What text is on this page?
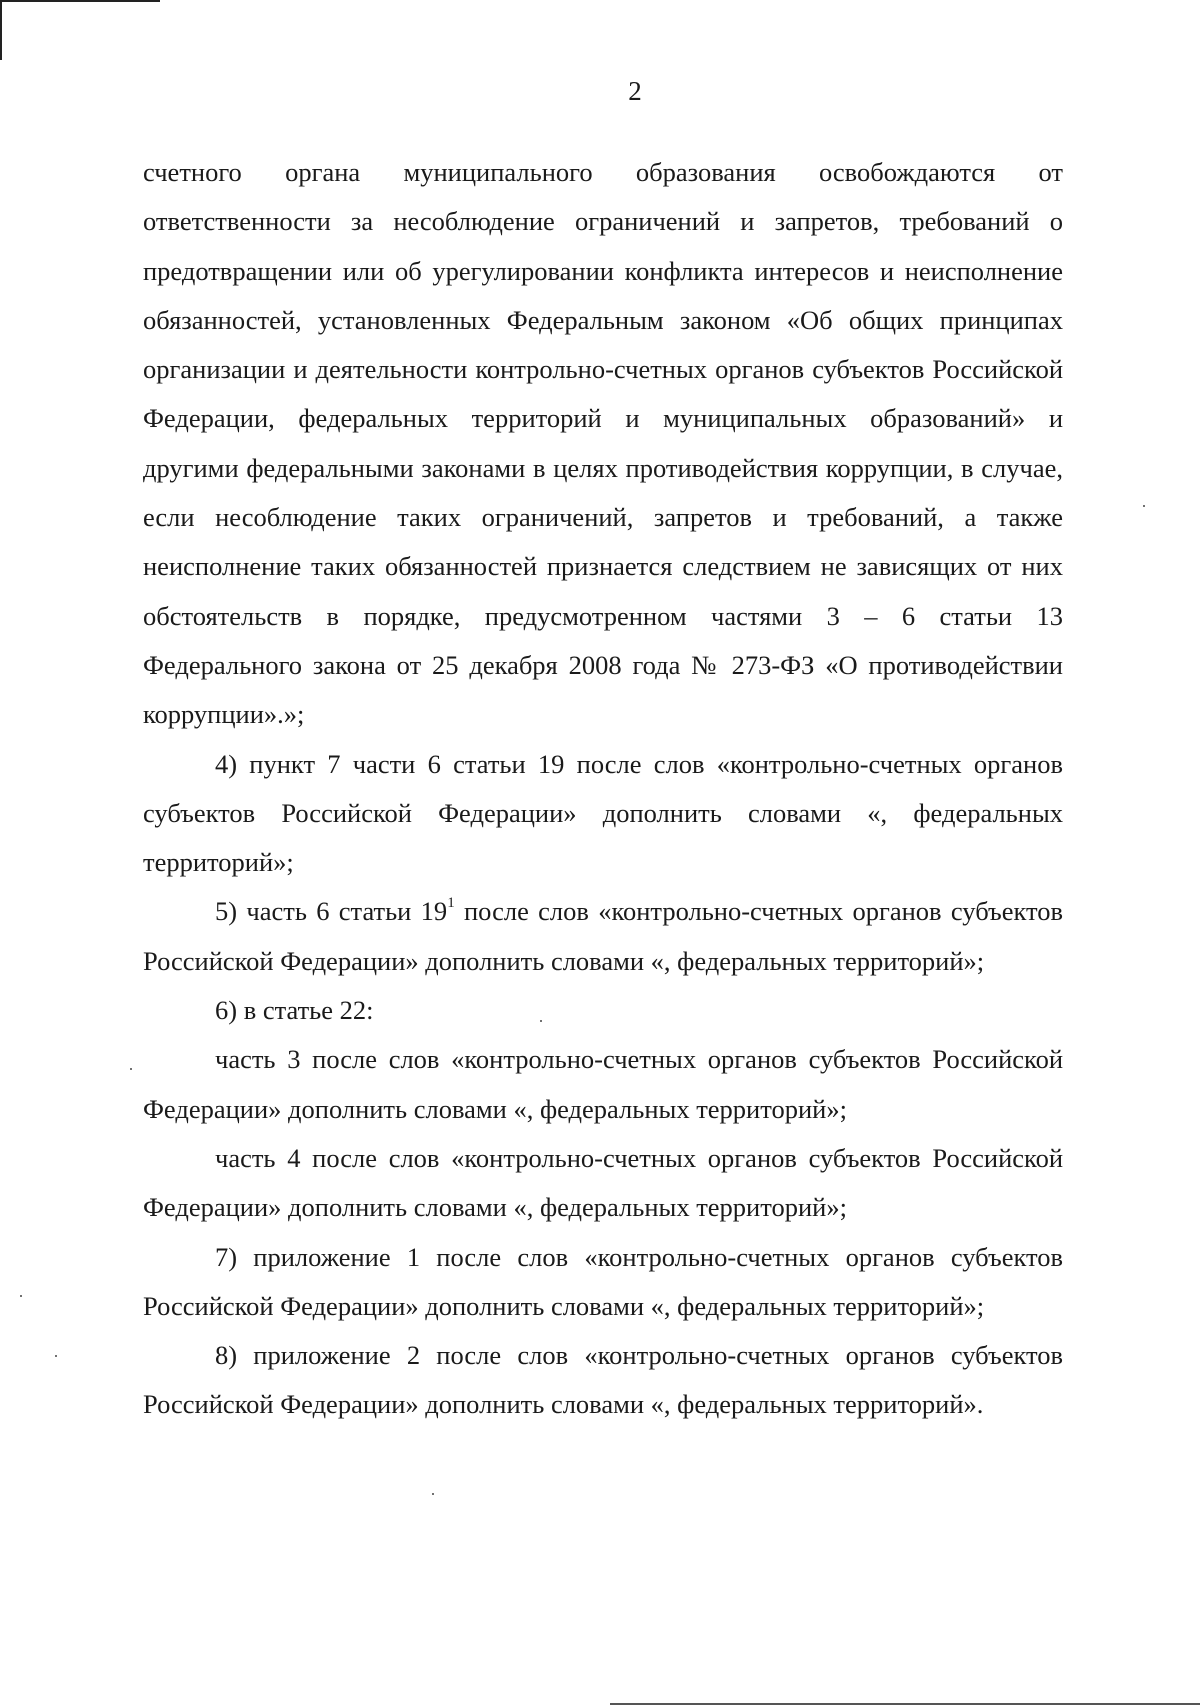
2

счетного органа муниципального образования освобождаются от ответственности за несоблюдение ограничений и запретов, требований о предотвращении или об урегулировании конфликта интересов и неисполнение обязанностей, установленных Федеральным законом «Об общих принципах организации и деятельности контрольно-счетных органов субъектов Российской Федерации, федеральных территорий и муниципальных образований» и другими федеральными законами в целях противодействия коррупции, в случае, если несоблюдение таких ограничений, запретов и требований, а также неисполнение таких обязанностей признается следствием не зависящих от них обстоятельств в порядке, предусмотренном частями 3 – 6 статьи 13 Федерального закона от 25 декабря 2008 года № 273-ФЗ «О противодействии коррупции».»;

4) пункт 7 части 6 статьи 19 после слов «контрольно-счетных органов субъектов Российской Федерации» дополнить словами «, федеральных территорий»;

5) часть 6 статьи $19^1$ после слов «контрольно-счетных органов субъектов Российской Федерации» дополнить словами «, федеральных территорий»;

6) в статье 22:

часть 3 после слов «контрольно-счетных органов субъектов Российской Федерации» дополнить словами «, федеральных территорий»;

часть 4 после слов «контрольно-счетных органов субъектов Российской Федерации» дополнить словами «, федеральных территорий»;

7) приложение 1 после слов «контрольно-счетных органов субъектов Российской Федерации» дополнить словами «, федеральных территорий»;

8) приложение 2 после слов «контрольно-счетных органов субъектов Российской Федерации» дополнить словами «, федеральных территорий».
